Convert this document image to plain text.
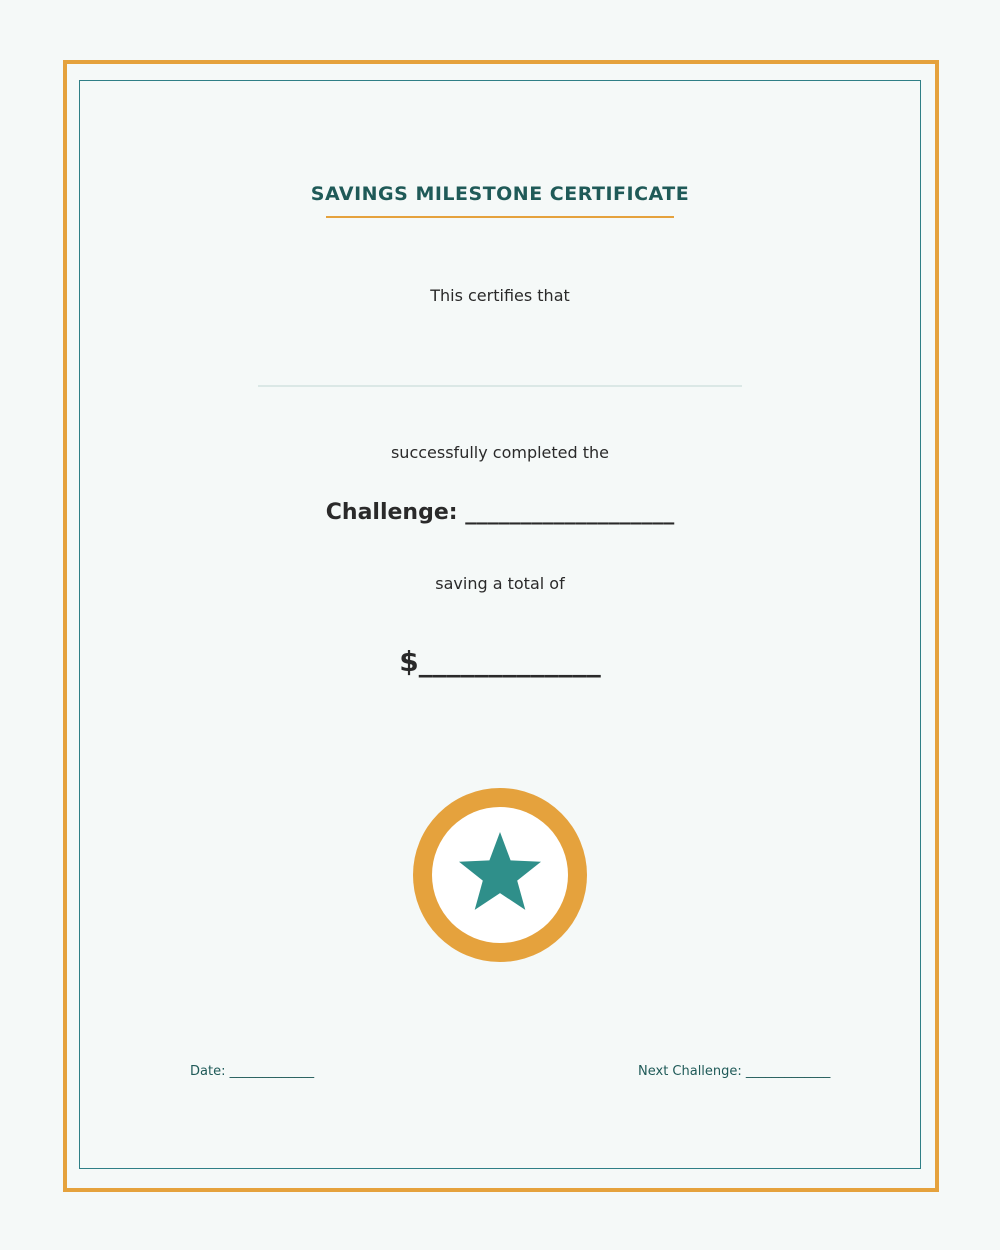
SAVINGS MILESTONE CERTIFICATE
This certifies that
successfully completed the
Challenge: ___________________
saving a total of
$_____________
Date: _____________	Next Challenge: _____________
